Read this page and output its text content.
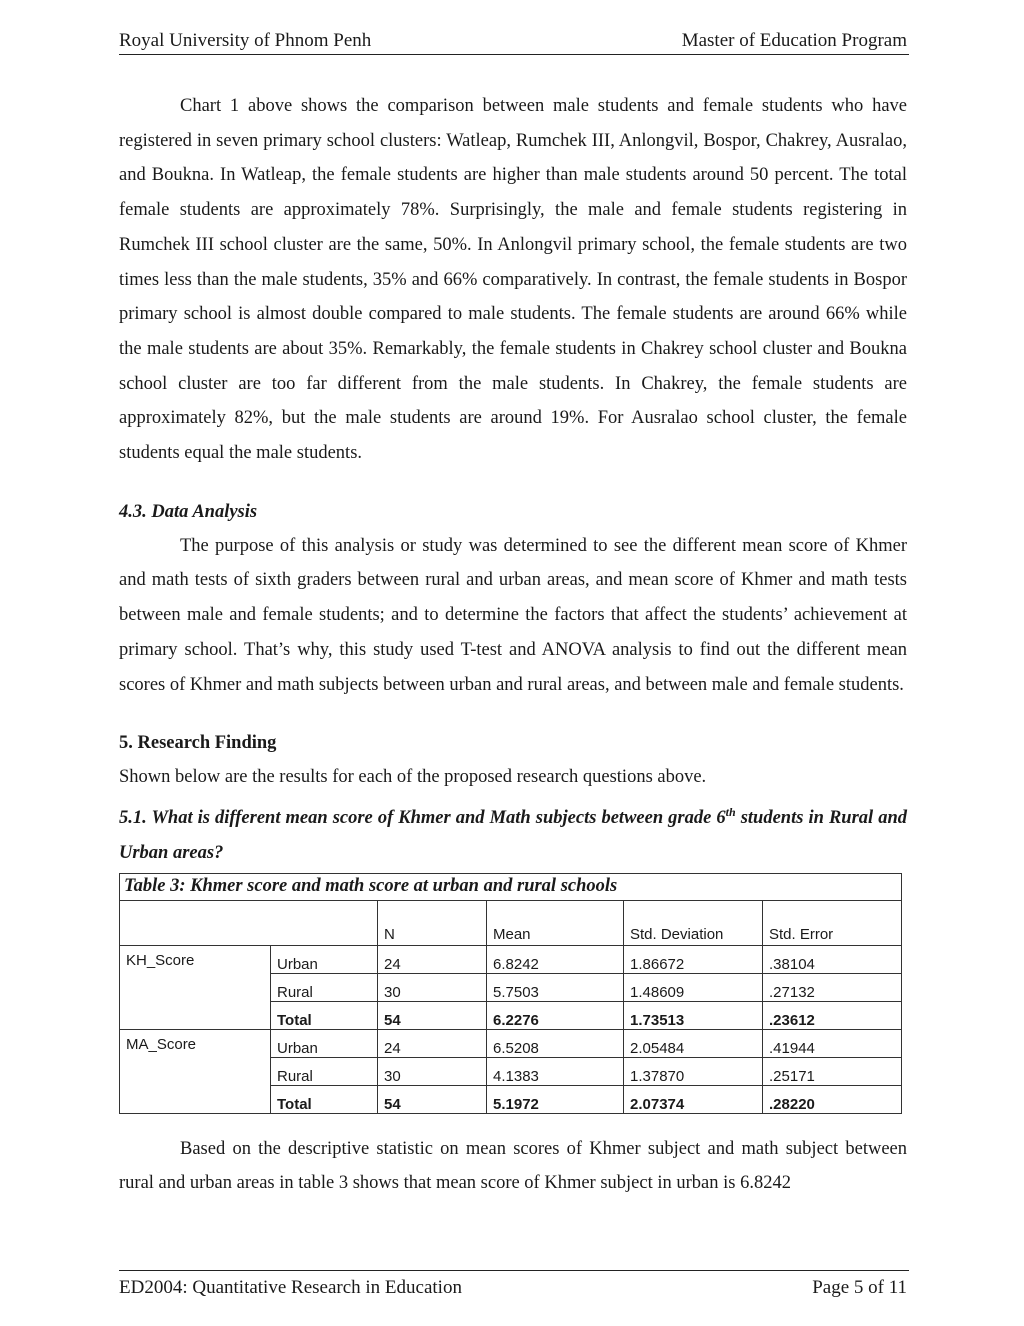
Royal University of Phnom Penh	Master of Education Program

Chart 1 above shows the comparison between male students and female students who have registered in seven primary school clusters: Watleap, Rumchek III, Anlongvil, Bospor, Chakrey, Ausralao, and Boukna. In Watleap, the female students are higher than male students around 50 percent. The total female students are approximately 78%. Surprisingly, the male and female students registering in Rumchek III school cluster are the same, 50%. In Anlongvil primary school, the female students are two times less than the male students, 35% and 66% comparatively. In contrast, the female students in Bospor primary school is almost double compared to male students. The female students are around 66% while the male students are about 35%. Remarkably, the female students in Chakrey school cluster and Boukna school cluster are too far different from the male students. In Chakrey, the female students are approximately 82%, but the male students are around 19%. For Ausralao school cluster, the female students equal the male students.

4.3. Data Analysis

The purpose of this analysis or study was determined to see the different mean score of Khmer and math tests of sixth graders between rural and urban areas, and mean score of Khmer and math tests between male and female students; and to determine the factors that affect the students’ achievement at primary school. That’s why, this study used T-test and ANOVA analysis to find out the different mean scores of Khmer and math subjects between urban and rural areas, and between male and female students.

5. Research Finding

Shown below are the results for each of the proposed research questions above.

5.1. What is different mean score of Khmer and Math subjects between grade 6th students in Rural and Urban areas?

Table 3: Khmer score and math score at urban and rural schools					
		N	Mean	Std. Deviation	Std. Error
KH_Score	Urban	24	6.8242	1.86672	.38104
	Rural	30	5.7503	1.48609	.27132
	Total	54	6.2276	1.73513	.23612
MA_Score	Urban	24	6.5208	2.05484	.41944
	Rural	30	4.1383	1.37870	.25171
	Total	54	5.1972	2.07374	.28220

Based on the descriptive statistic on mean scores of Khmer subject and math subject between rural and urban areas in table 3 shows that mean score of Khmer subject in urban is 6.8242

ED2004: Quantitative Research in Education	Page 5 of 11
